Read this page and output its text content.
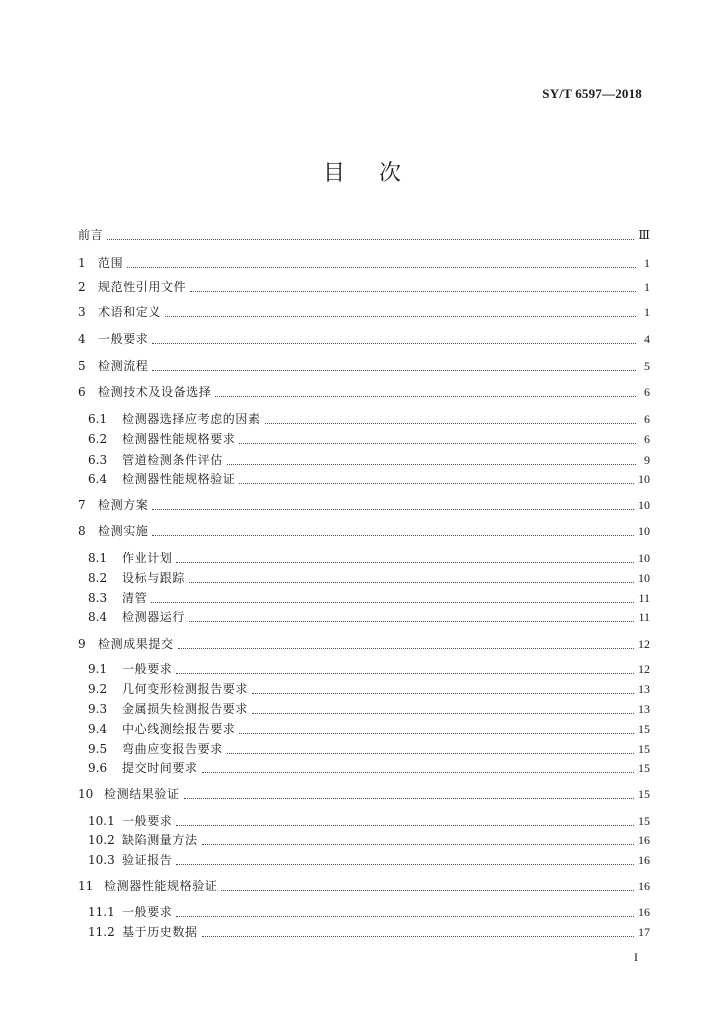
SY/T 6597—2018
目次
前言	Ⅲ
1	范围	1
2	规范性引用文件	1
3	术语和定义	1
4	一般要求	4
5	检测流程	5
6	检测技术及设备选择	6
6.1	检测器选择应考虑的因素	6
6.2	检测器性能规格要求	6
6.3	管道检测条件评估	9
6.4	检测器性能规格验证	10
7	检测方案	10
8	检测实施	10
8.1	作业计划	10
8.2	设标与跟踪	10
8.3	清管	11
8.4	检测器运行	11
9	检测成果提交	12
9.1	一般要求	12
9.2	几何变形检测报告要求	13
9.3	金属损失检测报告要求	13
9.4	中心线测绘报告要求	15
9.5	弯曲应变报告要求	15
9.6	提交时间要求	15
10 检测结果验证	15
10.1 一般要求	15
10.2 缺陷测量方法	16
10.3 验证报告	16
11 检测器性能规格验证	16
11.1 一般要求	16
11.2 基于历史数据	17
I
